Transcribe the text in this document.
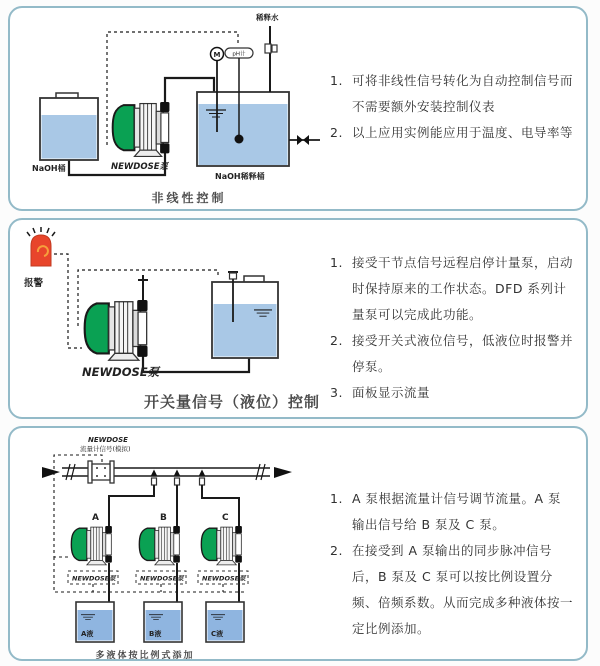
NaOH桶	NEWDOSE泵
M pH计
稀释水
NaOH稀释桶
非线性控制
1. 可将非线性信号转化为自动控制信号而不需要额外安装控制仪表
2. 以上应用实例能应用于温度、电导率等
报警
NEWDOSE泵
开关量信号（液位）控制
1. 接受干节点信号远程启停计量泵，启动时保持原来的工作状态。DFD 系列计量泵可以完成此功能。
2. 接受开关式液位信号，低液位时报警并停泵。
3. 面板显示流量
NEWDOSE
流量计信号(模拟)
A	B	C
NEWDOSE泵	NEWDOSE泵	NEWDOSE泵
A液	B液	C液
多液体按比例式添加
1. A 泵根据流量计信号调节流量。A 泵输出信号给 B 泵及 C 泵。
2. 在接受到 A 泵输出的同步脉冲信号后，B 泵及 C 泵可以按比例设置分频、倍频系数。从而完成多种液体按一定比例添加。
